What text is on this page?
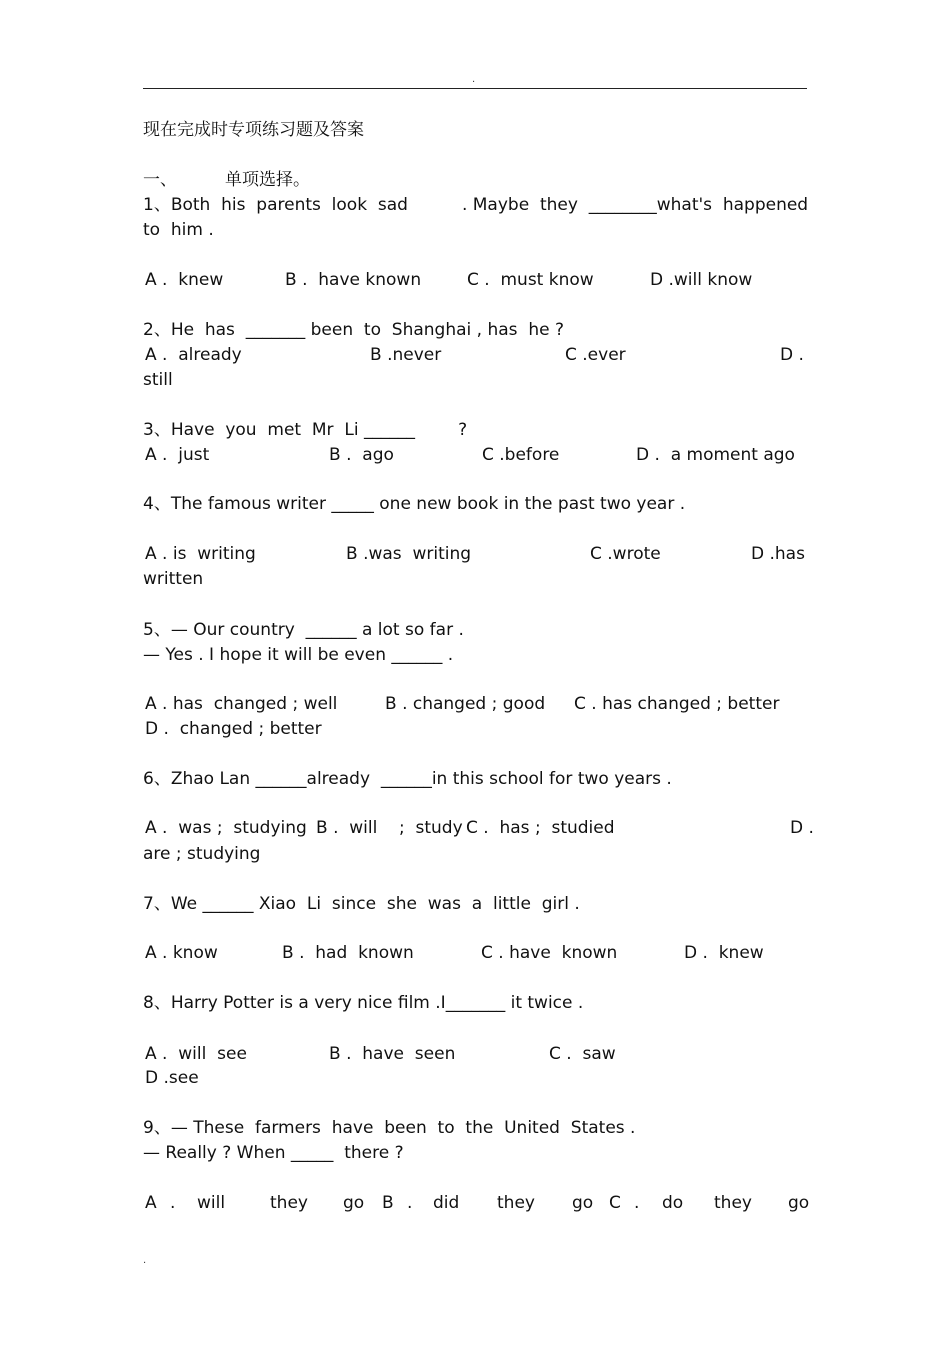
.
现在完成时专项练习题及答案
一、	单项选择。
1、Both  his  parents  look  sad          . Maybe  they  ________what's  happened
to  him .
A .  knew	B .  have known	C .  must know	D .will know
2、He  has  _______ been  to  Shanghai , has  he ?
A .  already	B .never	C .ever	D .
still
3、Have  you  met  Mr  Li ______        ?
A .  just	B .  ago	C .before	D .  a moment ago
4、The famous writer _____ one new book in the past two year .
A . is  writing	B .was  writing	C .wrote	D .has
written
5、— Our country  ______ a lot so far .
— Yes . I hope it will be even ______ .
A . has  changed ; well	B . changed ; good C . has changed ; better
D .  changed ; better
6、Zhao Lan ______already  ______in this school for two years .
A .  was ;  studying B .  will    ;  study C .  has ;  studied	D .
are ; studying
7、We ______ Xiao  Li  since  she  was  a  little  girl .
A . know	B .  had  known	C . have  known	D .  knew
8、Harry Potter is a very nice film .I_______ it twice .
A .  will  see	B .  have  seen	C .  saw
D .see
9、— These  farmers  have  been  to  the  United  States .
— Really ? When _____  there ?
A . will	they go B . did they go C . do they go
.
